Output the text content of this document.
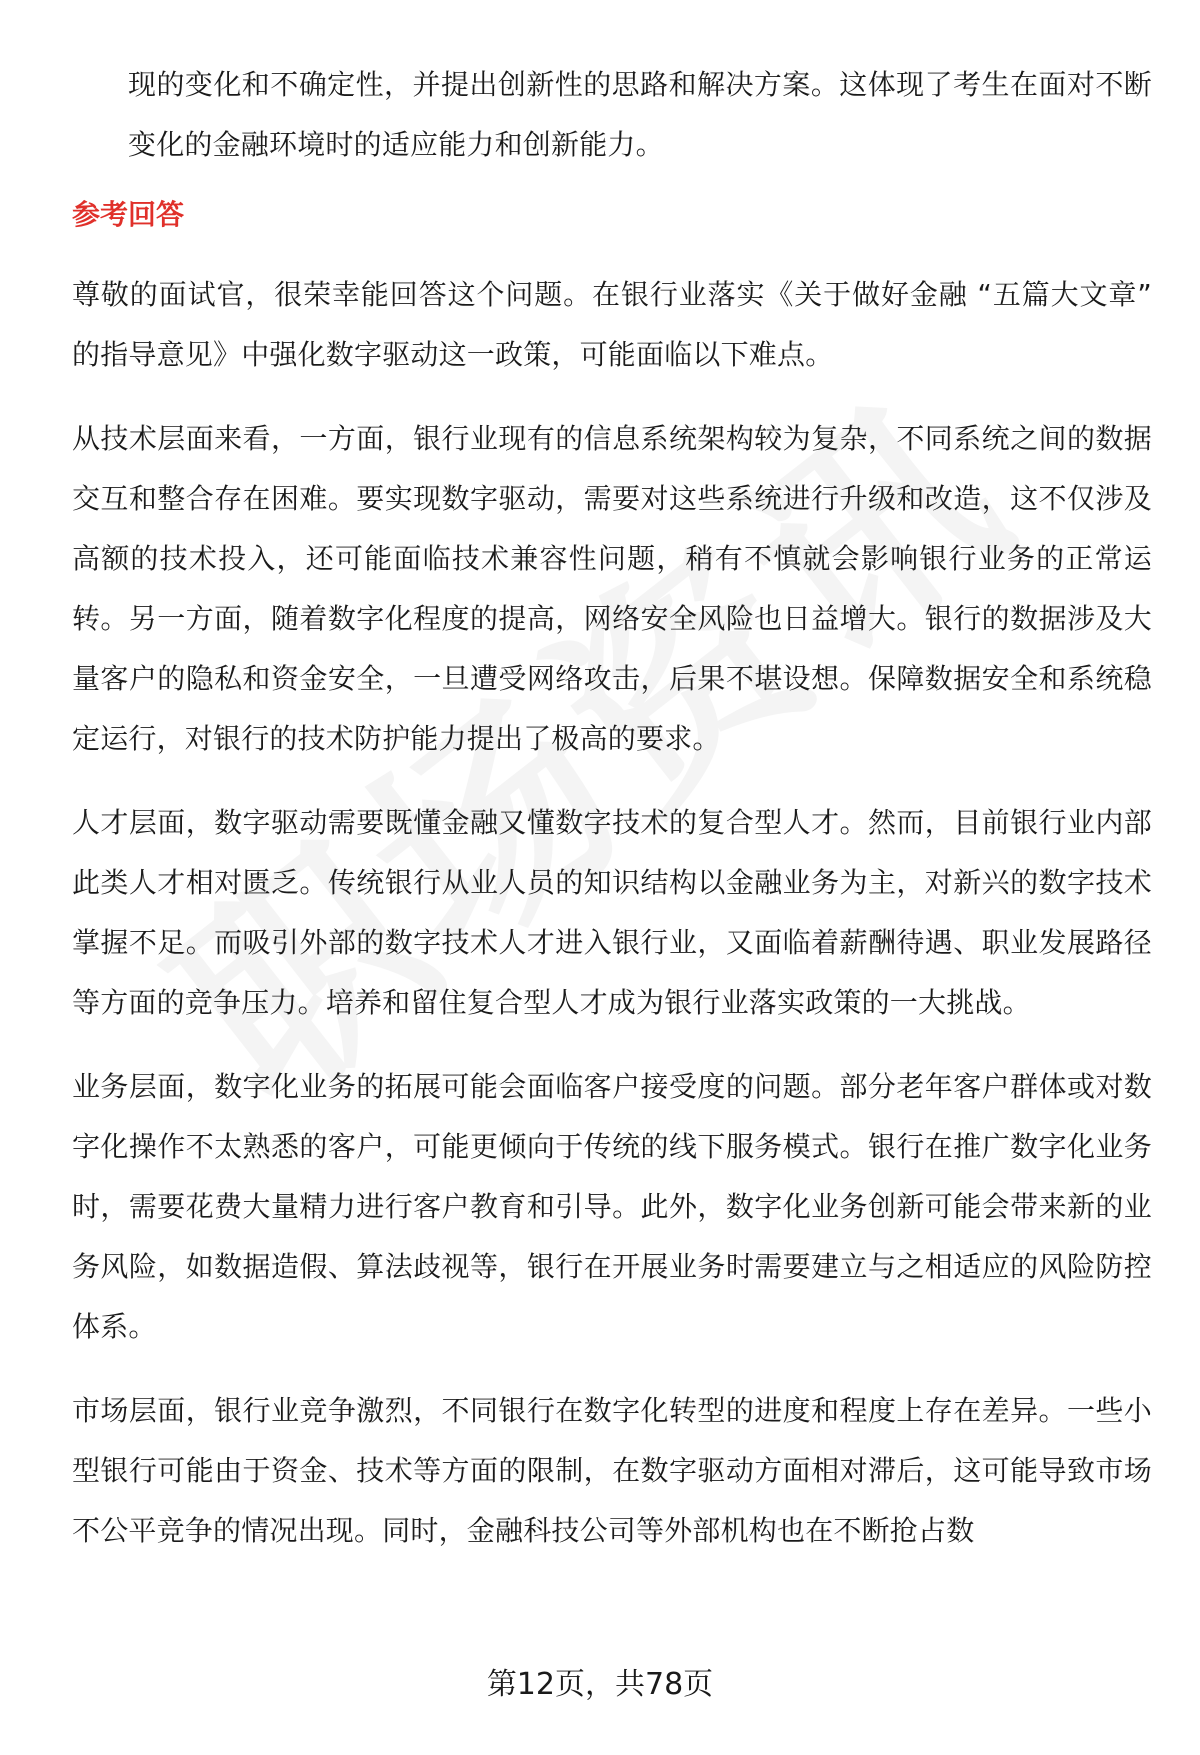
现的变化和不确定性，并提出创新性的思路和解决方案。这体现了考生在面对不断变化的金融环境时的适应能力和创新能力。

参考回答

尊敬的面试官，很荣幸能回答这个问题。在银行业落实《关于做好金融 “五篇大文章” 的指导意见》中强化数字驱动这一政策，可能面临以下难点。

从技术层面来看，一方面，银行业现有的信息系统架构较为复杂，不同系统之间的数据交互和整合存在困难。要实现数字驱动，需要对这些系统进行升级和改造，这不仅涉及高额的技术投入，还可能面临技术兼容性问题，稍有不慎就会影响银行业务的正常运转。另一方面，随着数字化程度的提高，网络安全风险也日益增大。银行的数据涉及大量客户的隐私和资金安全，一旦遭受网络攻击，后果不堪设想。保障数据安全和系统稳定运行，对银行的技术防护能力提出了极高的要求。

人才层面，数字驱动需要既懂金融又懂数字技术的复合型人才。然而，目前银行业内部此类人才相对匮乏。传统银行从业人员的知识结构以金融业务为主，对新兴的数字技术掌握不足。而吸引外部的数字技术人才进入银行业，又面临着薪酬待遇、职业发展路径等方面的竞争压力。培养和留住复合型人才成为银行业落实政策的一大挑战。

业务层面，数字化业务的拓展可能会面临客户接受度的问题。部分老年客户群体或对数字化操作不太熟悉的客户，可能更倾向于传统的线下服务模式。银行在推广数字化业务时，需要花费大量精力进行客户教育和引导。此外，数字化业务创新可能会带来新的业务风险，如数据造假、算法歧视等，银行在开展业务时需要建立与之相适应的风险防控体系。

市场层面，银行业竞争激烈，不同银行在数字化转型的进度和程度上存在差异。一些小型银行可能由于资金、技术等方面的限制，在数字驱动方面相对滞后，这可能导致市场不公平竞争的情况出现。同时，金融科技公司等外部机构也在不断抢占数

第12页，共78页
